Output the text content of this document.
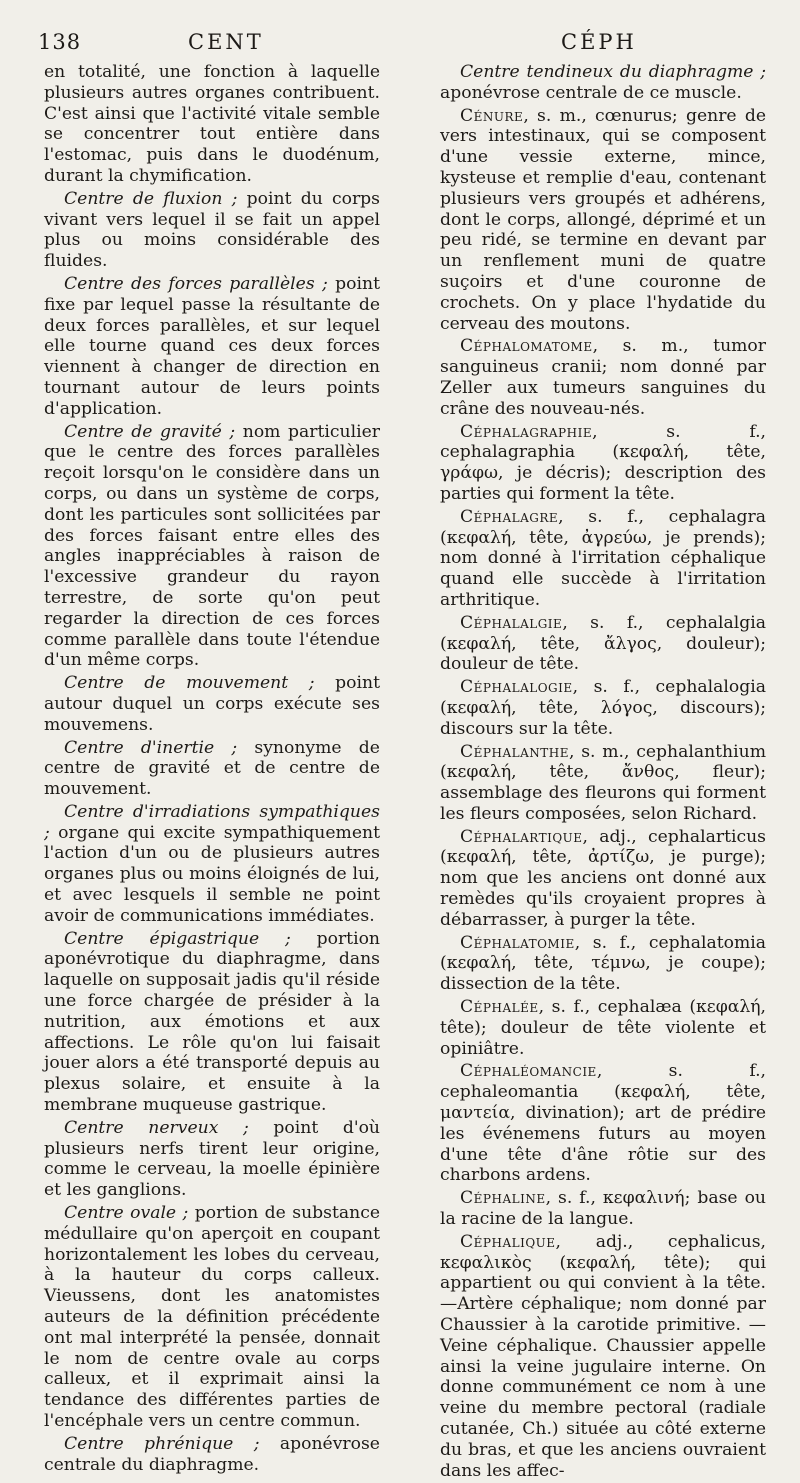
138	CENT	CÉPH

en totalité, une fonction à laquelle plusieurs autres organes contribuent. C'est ainsi que l'activité vitale semble se concentrer tout entière dans l'estomac, puis dans le duodénum, durant la chymification.

Centre de fluxion ; point du corps vivant vers lequel il se fait un appel plus ou moins considérable des fluides.

Centre des forces parallèles ; point fixe par lequel passe la résultante de deux forces parallèles, et sur lequel elle tourne quand ces deux forces viennent à changer de direction en tournant autour de leurs points d'application.

Centre de gravité ; nom particulier que le centre des forces parallèles reçoit lorsqu'on le considère dans un corps, ou dans un système de corps, dont les particules sont sollicitées par des forces faisant entre elles des angles inappréciables à raison de l'excessive grandeur du rayon terrestre, de sorte qu'on peut regarder la direction de ces forces comme parallèle dans toute l'étendue d'un même corps.

Centre de mouvement ; point autour duquel un corps exécute ses mouvemens.

Centre d'inertie ; synonyme de centre de gravité et de centre de mouvement.

Centre d'irradiations sympathiques ; organe qui excite sympathiquement l'action d'un ou de plusieurs autres organes plus ou moins éloignés de lui, et avec lesquels il semble ne point avoir de communications immédiates.

Centre épigastrique ; portion aponévrotique du diaphragme, dans laquelle on supposait jadis qu'il réside une force chargée de présider à la nutrition, aux émotions et aux affections. Le rôle qu'on lui faisait jouer alors a été transporté depuis au plexus solaire, et ensuite à la membrane muqueuse gastrique.

Centre nerveux ; point d'où plusieurs nerfs tirent leur origine, comme le cerveau, la moelle épinière et les ganglions.

Centre ovale ; portion de substance médullaire qu'on aperçoit en coupant horizontalement les lobes du cerveau, à la hauteur du corps calleux. Vieussens, dont les anatomistes auteurs de la définition précédente ont mal interprété la pensée, donnait le nom de centre ovale au corps calleux, et il exprimait ainsi la tendance des différentes parties de l'encéphale vers un centre commun.

Centre phrénique ; aponévrose centrale du diaphragme.

Centre tendineux du diaphragme ; aponévrose centrale de ce muscle.

Cénure, s. m., cœnurus; genre de vers intestinaux, qui se composent d'une vessie externe, mince, kysteuse et remplie d'eau, contenant plusieurs vers groupés et adhérens, dont le corps, allongé, déprimé et un peu ridé, se termine en devant par un renflement muni de quatre suçoirs et d'une couronne de crochets. On y place l'hydatide du cerveau des moutons.

Céphalomatome, s. m., tumor sanguineus cranii; nom donné par Zeller aux tumeurs sanguines du crâne des nouveau-nés.

Céphalagraphie, s. f., cephalagraphia (κεφαλή, tête, γράφω, je décris); description des parties qui forment la tête.

Céphalagre, s. f., cephalagra (κεφαλή, tête, ἀγρεύω, je prends); nom donné à l'irritation céphalique quand elle succède à l'irritation arthritique.

Céphalalgie, s. f., cephalalgia (κεφαλή, tête, ἄλγος, douleur); douleur de tête.

Céphalalogie, s. f., cephalalogia (κεφαλή, tête, λόγος, discours); discours sur la tête.

Céphalanthe, s. m., cephalanthium (κεφαλή, tête, ἄνθος, fleur); assemblage des fleurons qui forment les fleurs composées, selon Richard.

Céphalartique, adj., cephalarticus (κεφαλή, tête, ἀρτίζω, je purge); nom que les anciens ont donné aux remèdes qu'ils croyaient propres à débarrasser, à purger la tête.

Céphalatomie, s. f., cephalatomia (κεφαλή, tête, τέμνω, je coupe); dissection de la tête.

Céphalée, s. f., cephalæa (κεφαλή, tête); douleur de tête violente et opiniâtre.

Céphaléomancie, s. f., cephaleomantia (κεφαλή, tête, μαντεία, divination); art de prédire les événemens futurs au moyen d'une tête d'âne rôtie sur des charbons ardens.

Céphaline, s. f., κεφαλινή; base ou la racine de la langue.

Céphalique, adj., cephalicus, κεφαλικὸς (κεφαλή, tête); qui appartient ou qui convient à la tête.—Artère céphalique; nom donné par Chaussier à la carotide primitive. — Veine céphalique. Chaussier appelle ainsi la veine jugulaire interne. On donne communément ce nom à une veine du membre pectoral (radiale cutanée, Ch.) située au côté externe du bras, et que les anciens ouvraient dans les affec-
